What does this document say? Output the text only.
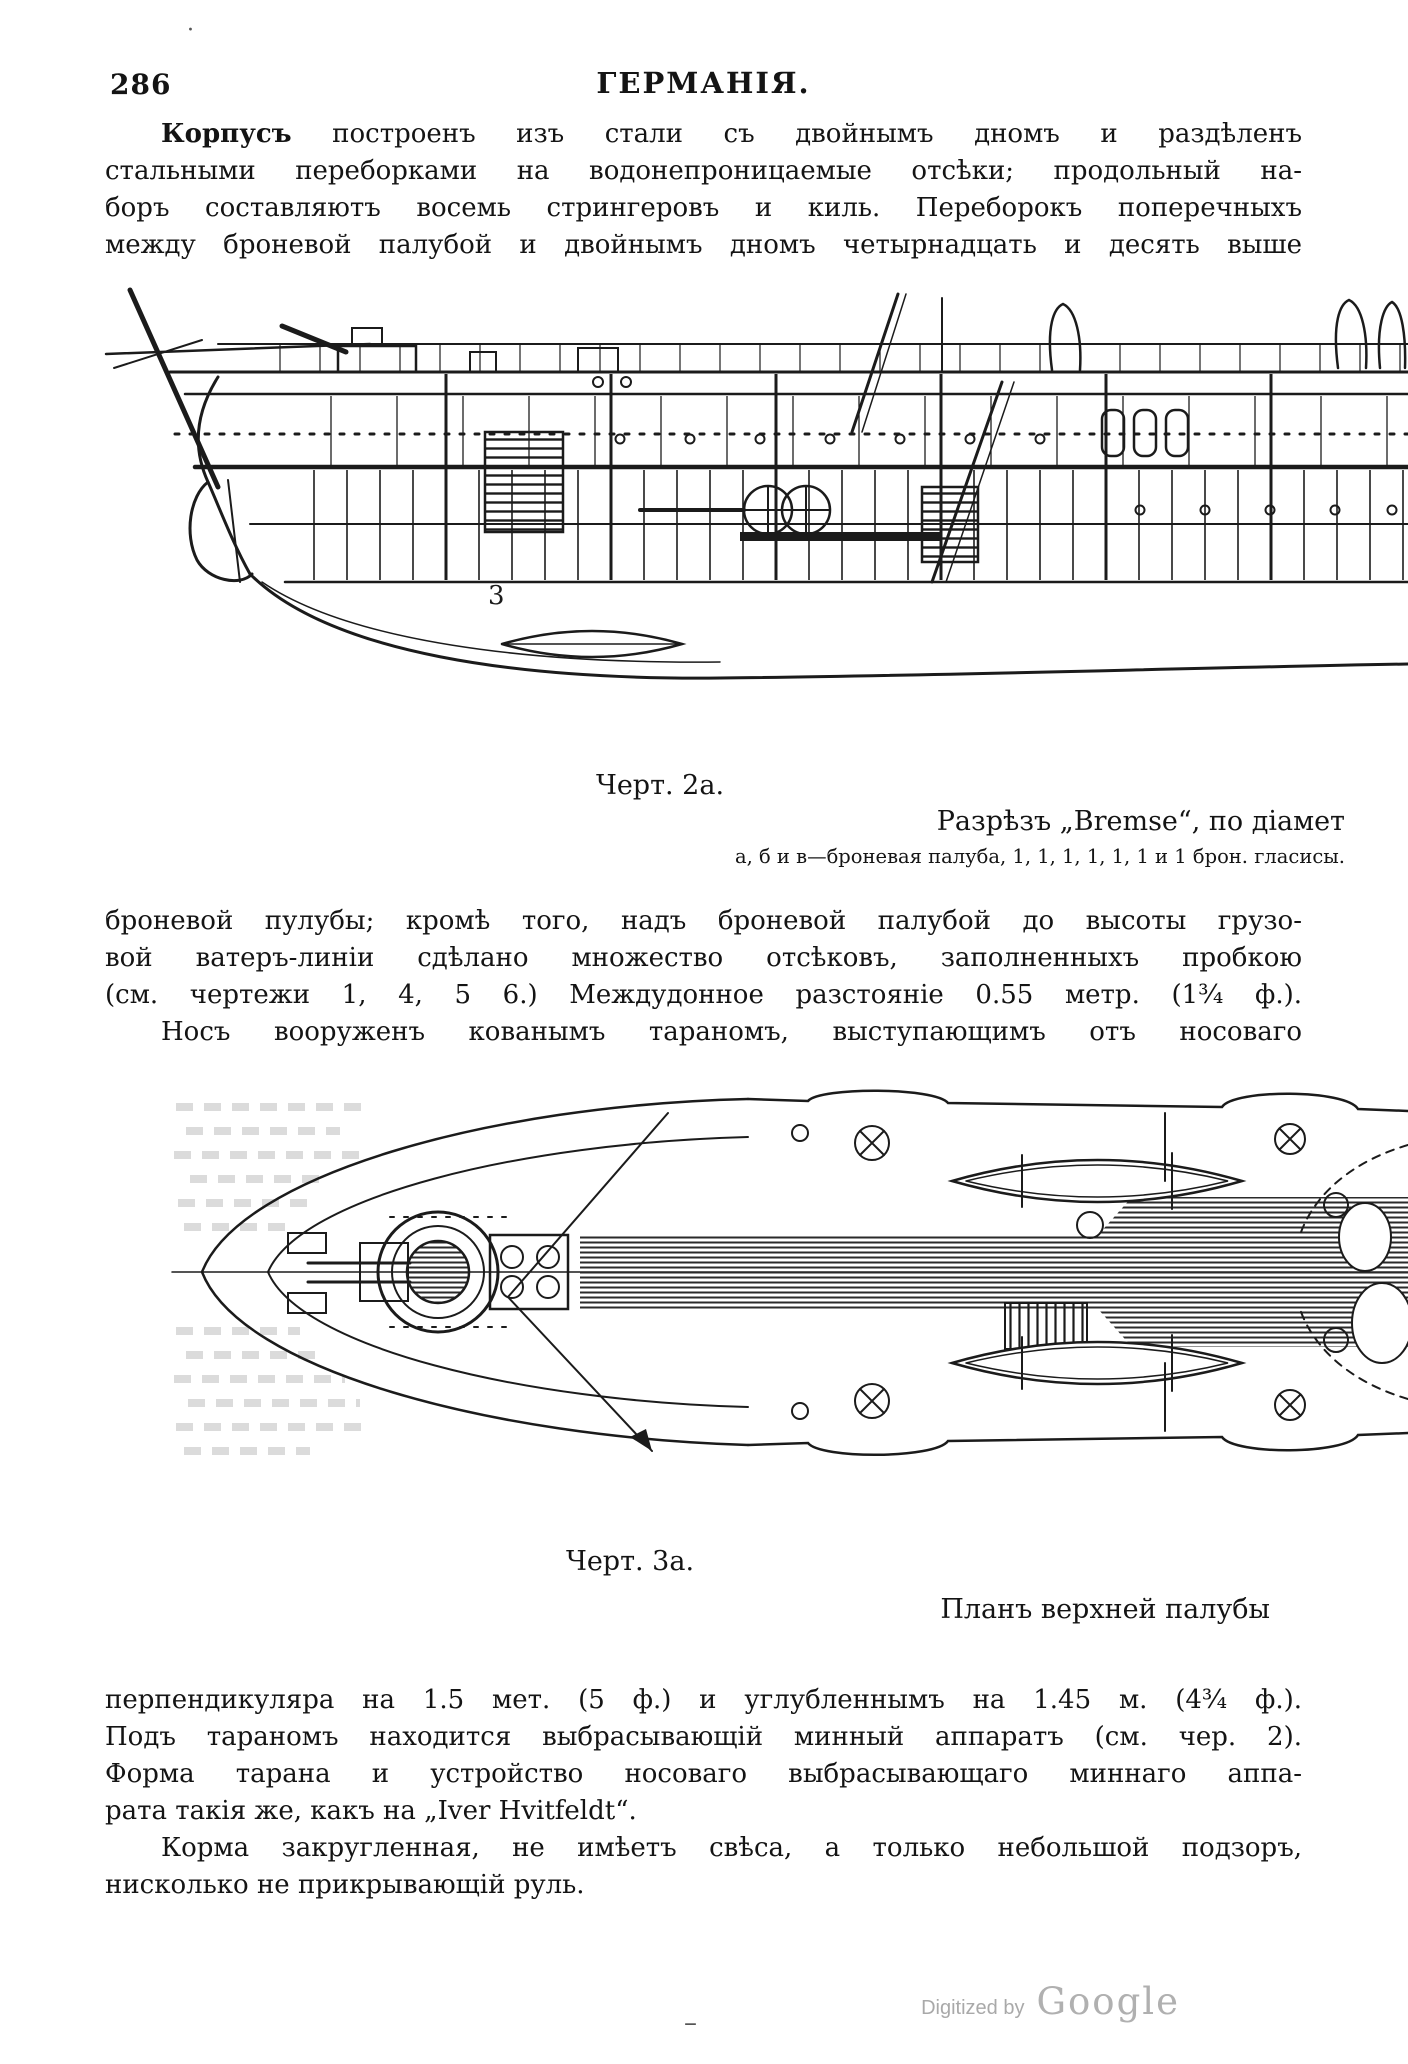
·
286	ГЕРМАНІЯ.
Корпусъ построенъ изъ стали съ двойнымъ дномъ и раздѣленъ
стальными переборками на водонепроницаемые отсѣки; продольный на-
боръ составляютъ восемь стрингеровъ и киль. Переборокъ поперечныхъ
между броневой палубой и двойнымъ дномъ четырнадцать и десять выше
3
Черт. 2а.
Разрѣзъ „Bremse“, по діамет
а, б и в—броневая палуба, 1, 1, 1, 1, 1, 1 и 1 брон. гласисы.
броневой пулубы; кромѣ того, надъ броневой палубой до высоты грузо-
вой ватеръ-линіи сдѣлано множество отсѣковъ, заполненныхъ пробкою
(см. чертежи 1, 4, 5 6.) Междудонное разстояніе 0.55 метр. (1¾ ф.).
Носъ вооруженъ кованымъ тараномъ, выступающимъ отъ носоваго
Черт. 3а.
Планъ верхней палубы
перпендикуляра на 1.5 мет. (5 ф.) и углубленнымъ на 1.45 м. (4¾ ф.).
Подъ тараномъ находится выбрасывающій минный аппаратъ (см. чер. 2).
Форма тарана и устройство носоваго выбрасывающаго миннаго аппа-
рата такія же, какъ на „Iver Hvitfeldt“.
Корма закругленная, не имѣетъ свѣса, а только небольшой подзоръ,
нисколько не прикрывающій руль.
Digitized by Google
–
